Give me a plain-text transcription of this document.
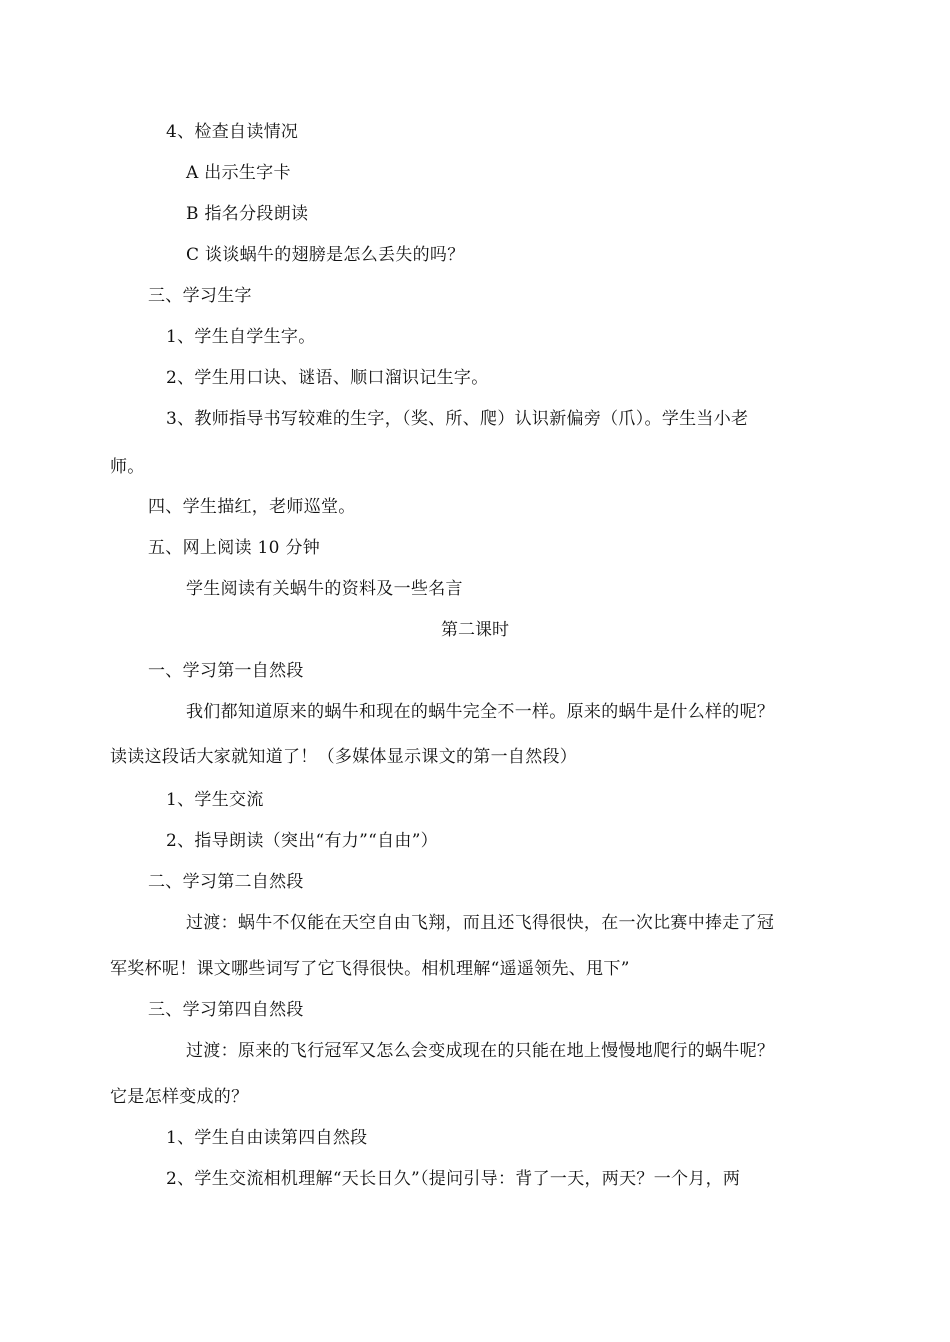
4、检查自读情况
A 出示生字卡
B 指名分段朗读
C 谈谈蜗牛的翅膀是怎么丢失的吗？
三、学习生字
1、学生自学生字。
2、学生用口诀、谜语、顺口溜识记生字。
3、教师指导书写较难的生字，（奖、所、爬）认识新偏旁（爪）。学生当小老
师。
四、学生描红，老师巡堂。
五、网上阅读 10 分钟
学生阅读有关蜗牛的资料及一些名言
第二课时
一、学习第一自然段
我们都知道原来的蜗牛和现在的蜗牛完全不一样。原来的蜗牛是什么样的呢？
读读这段话大家就知道了！（多媒体显示课文的第一自然段）
1、学生交流
2、指导朗读（突出“有力”“自由”）
二、学习第二自然段
过渡：蜗牛不仅能在天空自由飞翔，而且还飞得很快，在一次比赛中捧走了冠
军奖杯呢！课文哪些词写了它飞得很快。相机理解“遥遥领先、甩下”
三、学习第四自然段
过渡：原来的飞行冠军又怎么会变成现在的只能在地上慢慢地爬行的蜗牛呢？
它是怎样变成的？
1、学生自由读第四自然段
2、学生交流相机理解“天长日久”（提问引导：背了一天，两天？一个月，两
